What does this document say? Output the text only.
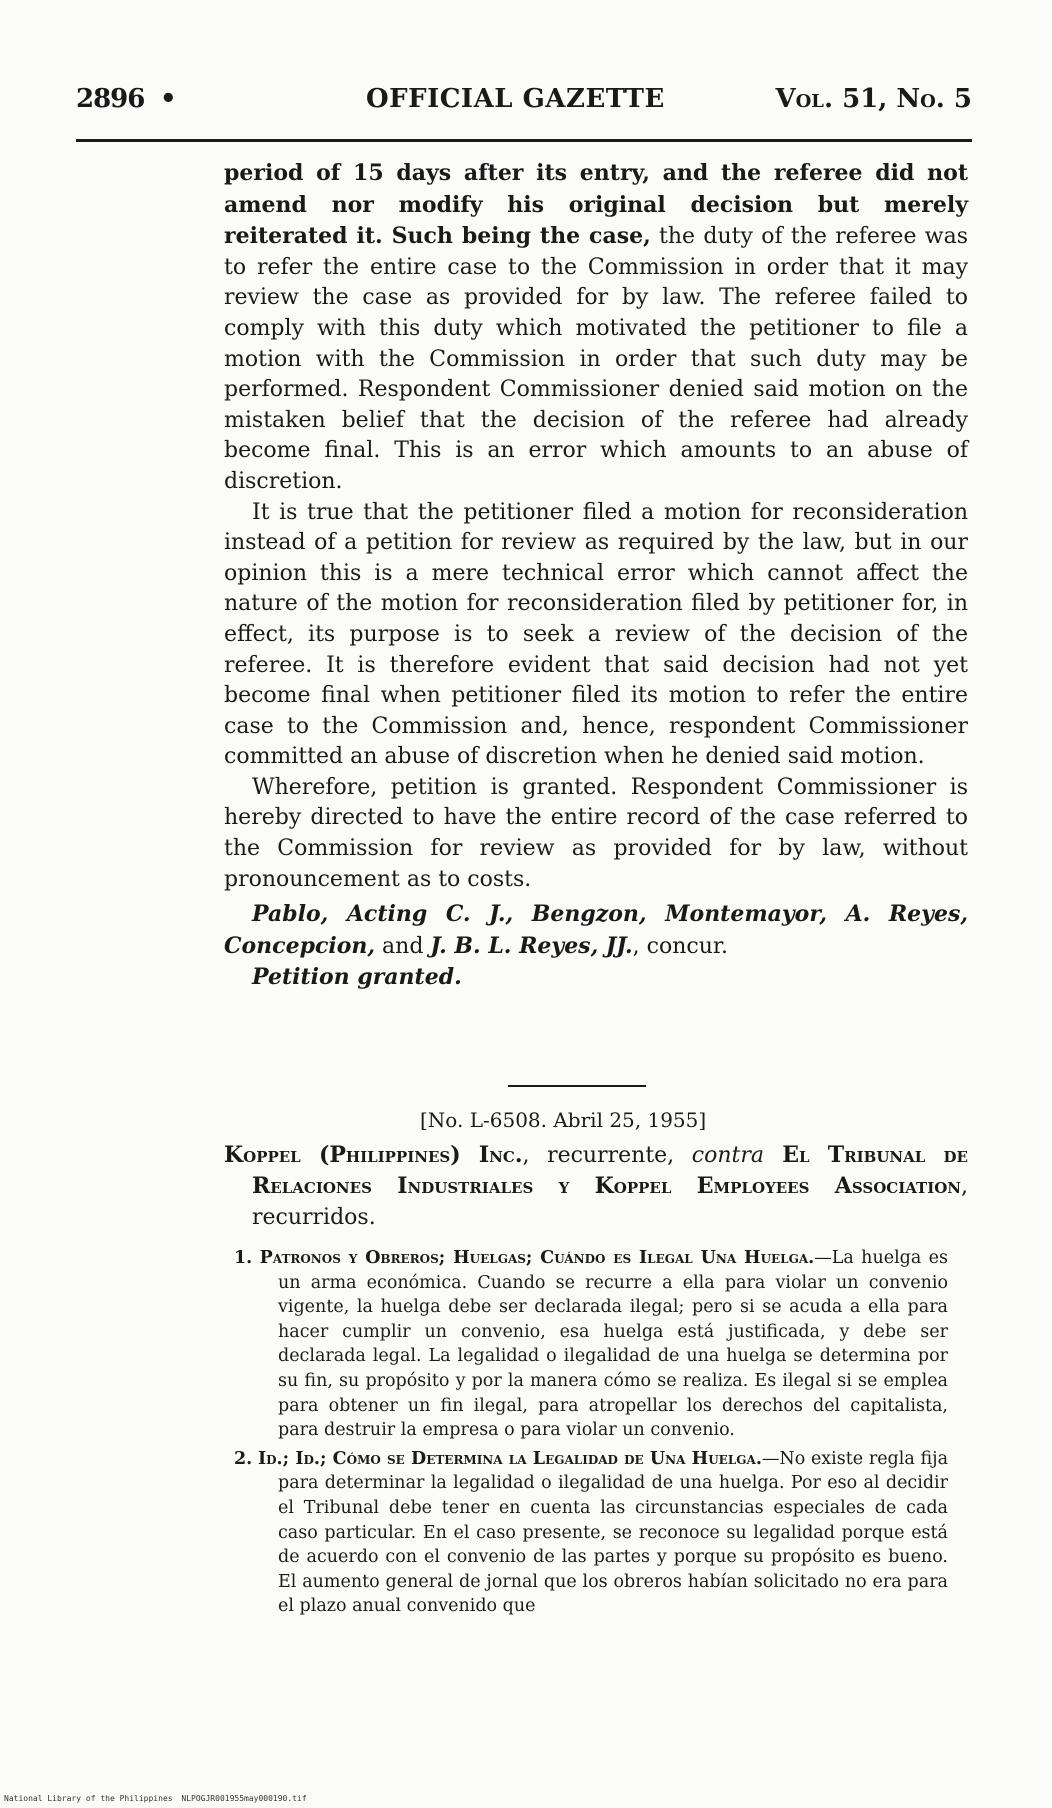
2896 •	OFFICIAL GAZETTE	Vol. 51, No. 5

period of 15 days after its entry, and the referee did not amend nor modify his original decision but merely reiterated it. Such being the case, the duty of the referee was to refer the entire case to the Commission in order that it may review the case as provided for by law. The referee failed to comply with this duty which motivated the petitioner to file a motion with the Commission in order that such duty may be performed. Respondent Commissioner denied said motion on the mistaken belief that the decision of the referee had already become final. This is an error which amounts to an abuse of discretion.

It is true that the petitioner filed a motion for reconsideration instead of a petition for review as required by the law, but in our opinion this is a mere technical error which cannot affect the nature of the motion for reconsideration filed by petitioner for, in effect, its purpose is to seek a review of the decision of the referee. It is therefore evident that said decision had not yet become final when petitioner filed its motion to refer the entire case to the Commission and, hence, respondent Commissioner committed an abuse of discretion when he denied said motion.

Wherefore, petition is granted. Respondent Commissioner is hereby directed to have the entire record of the case referred to the Commission for review as provided for by law, without pronouncement as to costs.

Pablo, Acting C. J., Bengzon, Montemayor, A. Reyes, Concepcion, and J. B. L. Reyes, JJ., concur.

Petition granted.

[No. L-6508. Abril 25, 1955]
Koppel (Philippines) Inc., recurrente, contra El Tribunal de Relaciones Industriales y Koppel Employees Association, recurridos.

1. Patronos y Obreros; Huelgas; Cuándo es Ilegal Una Huelga.—La huelga es un arma económica. Cuando se recurre a ella para violar un convenio vigente, la huelga debe ser declarada ilegal; pero si se acuda a ella para hacer cumplir un convenio, esa huelga está justificada, y debe ser declarada legal. La legalidad o ilegalidad de una huelga se determina por su fin, su propósito y por la manera cómo se realiza. Es ilegal si se emplea para obtener un fin ilegal, para atropellar los derechos del capitalista, para destruir la empresa o para violar un convenio.

2. Id.; Id.; Cómo se Determina la Legalidad de Una Huelga.—No existe regla fija para determinar la legalidad o ilegalidad de una huelga. Por eso al decidir el Tribunal debe tener en cuenta las circunstancias especiales de cada caso particular. En el caso presente, se reconoce su legalidad porque está de acuerdo con el convenio de las partes y porque su propósito es bueno. El aumento general de jornal que los obreros habían solicitado no era para el plazo anual convenido que

National Library of the Philippines NLPOGJR001955may000190.tif
